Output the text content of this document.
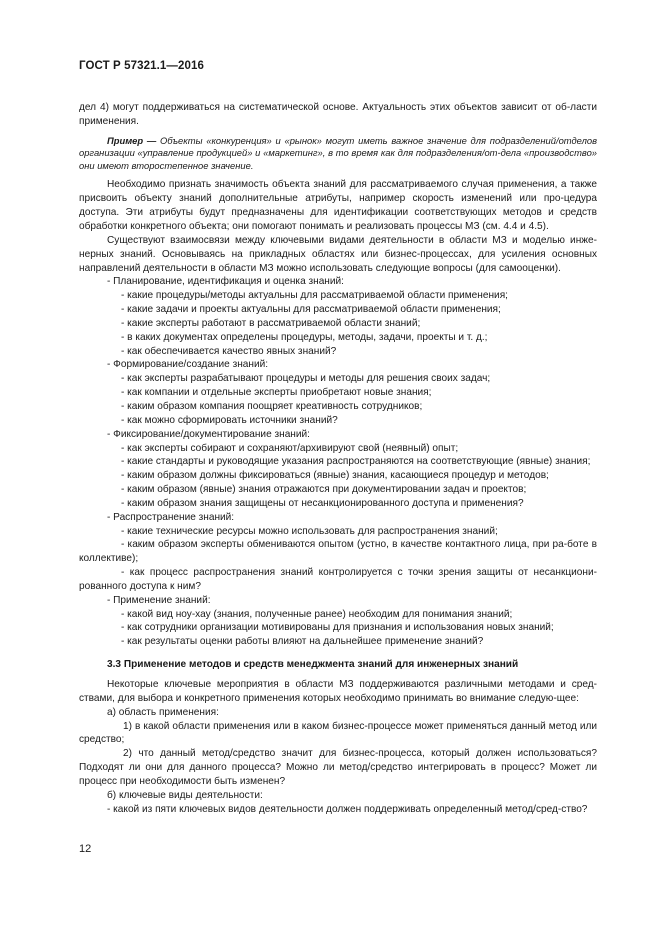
ГОСТ Р 57321.1—2016

дел 4) могут поддерживаться на систематической основе. Актуальность этих объектов зависит от об-ласти применения.

Пример — Объекты «конкуренция» и «рынок» могут иметь важное значение для подразделений/отделов организации «управление продукцией» и «маркетинг», в то время как для подразделения/от-дела «производство» они имеют второстепенное значение.

Необходимо признать значимость объекта знаний для рассматриваемого случая применения, а также присвоить объекту знаний дополнительные атрибуты, например скорость изменений или про-цедура доступа. Эти атрибуты будут предназначены для идентификации соответствующих методов и средств обработки конкретного объекта; они помогают понимать и реализовать процессы МЗ (см. 4.4 и 4.5).

Существуют взаимосвязи между ключевыми видами деятельности в области МЗ и моделью инже-нерных знаний. Основываясь на прикладных областях или бизнес-процессах, для усиления основных направлений деятельности в области МЗ можно использовать следующие вопросы (для самооценки).

- Планирование, идентификация и оценка знаний:

- какие процедуры/методы актуальны для рассматриваемой области применения;

- какие задачи и проекты актуальны для рассматриваемой области применения;

- какие эксперты работают в рассматриваемой области знаний;

- в каких документах определены процедуры, методы, задачи, проекты и т. д.;

- как обеспечивается качество явных знаний?

- Формирование/создание знаний:

- как эксперты разрабатывают процедуры и методы для решения своих задач;

- как компании и отдельные эксперты приобретают новые знания;

- каким образом компания поощряет креативность сотрудников;

- как можно сформировать источники знаний?

- Фиксирование/документирование знаний:

- как эксперты собирают и сохраняют/архивируют свой (неявный) опыт;

- какие стандарты и руководящие указания распространяются на соответствующие (явные) знания;

- каким образом должны фиксироваться (явные) знания, касающиеся процедур и методов;

- каким образом (явные) знания отражаются при документировании задач и проектов;

- каким образом знания защищены от несанкционированного доступа и применения?

- Распространение знаний:

- какие технические ресурсы можно использовать для распространения знаний;

- каким образом эксперты обмениваются опытом (устно, в качестве контактного лица, при ра-боте в коллективе);

- как процесс распространения знаний контролируется с точки зрения защиты от несанкциони-рованного доступа к ним?

- Применение знаний:

- какой вид ноу-хау (знания, полученные ранее) необходим для понимания знаний;

- как сотрудники организации мотивированы для признания и использования новых знаний;

- как результаты оценки работы влияют на дальнейшее применение знаний?

3.3 Применение методов и средств менеджмента знаний для инженерных знаний

Некоторые ключевые мероприятия в области МЗ поддерживаются различными методами и сред-ствами, для выбора и конкретного применения которых необходимо принимать во внимание следую-щее:

а) область применения:

1) в какой области применения или в каком бизнес-процессе может применяться данный метод или средство;

2) что данный метод/средство значит для бизнес-процесса, который должен использоваться? Подходят ли они для данного процесса? Можно ли метод/средство интегрировать в процесс? Может ли процесс при необходимости быть изменен?

б) ключевые виды деятельности:

- какой из пяти ключевых видов деятельности должен поддерживать определенный метод/сред-ство?

12
